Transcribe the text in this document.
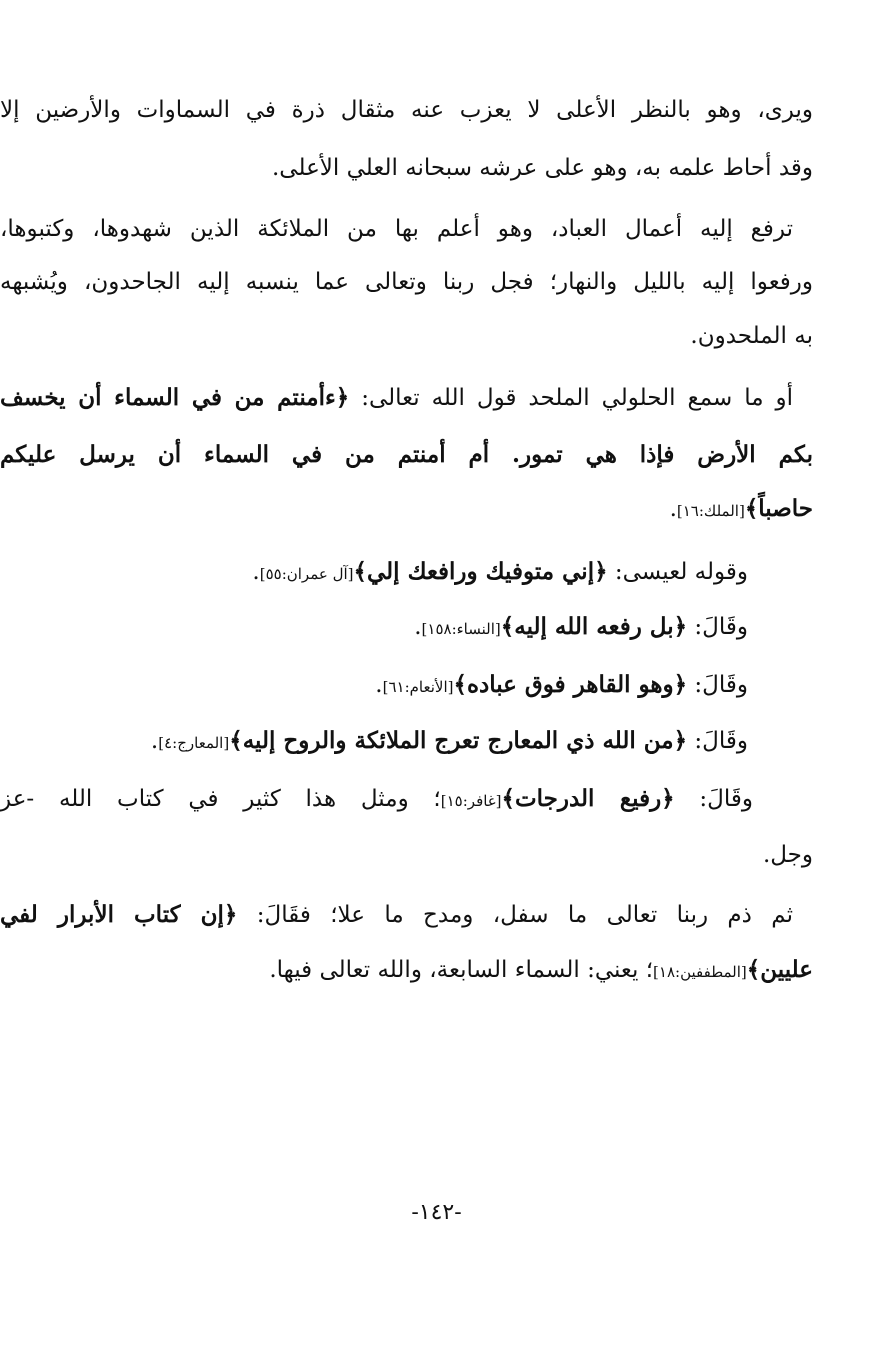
ويرى، وهو بالنظر الأعلى لا يعزب عنه مثقال ذرة في السماوات والأرضين إلا
وقد أحاط علمه به، وهو على عرشه سبحانه العلي الأعلى.
ترفع إليه أعمال العباد، وهو أعلم بها من الملائكة الذين شهدوها، وكتبوها،
ورفعوا إليه بالليل والنهار؛ فجل ربنا وتعالى عما ينسبه إليه الجاحدون، ويُشبهه
به الملحدون.
أو ما سمع الحلولي الملحد قول الله تعالى: ﴿ءأمنتم من في السماء أن يخسف
بكم الأرض فإذا هي تمور. أم أمنتم من في السماء أن يرسل عليكم
حاصباً﴾[الملك:١٦].
وقوله لعيسى: ﴿إني متوفيك ورافعك إلي﴾[آل عمران:٥٥].
وقَالَ: ﴿بل رفعه الله إليه﴾[النساء:١٥٨].
وقَالَ: ﴿وهو القاهر فوق عباده﴾[الأنعام:٦١].
وقَالَ: ﴿من الله ذي المعارج تعرج الملائكة والروح إليه﴾[المعارج:٤].
وقَالَ: ﴿رفيع الدرجات﴾[غافر:١٥]؛ ومثل هذا كثير في كتاب الله -عز
وجل.
ثم ذم ربنا تعالى ما سفل، ومدح ما علا؛ فقَالَ: ﴿إن كتاب الأبرار لفي
عليين﴾[المطففين:١٨]؛ يعني: السماء السابعة، والله تعالى فيها.
-١٤٢-
